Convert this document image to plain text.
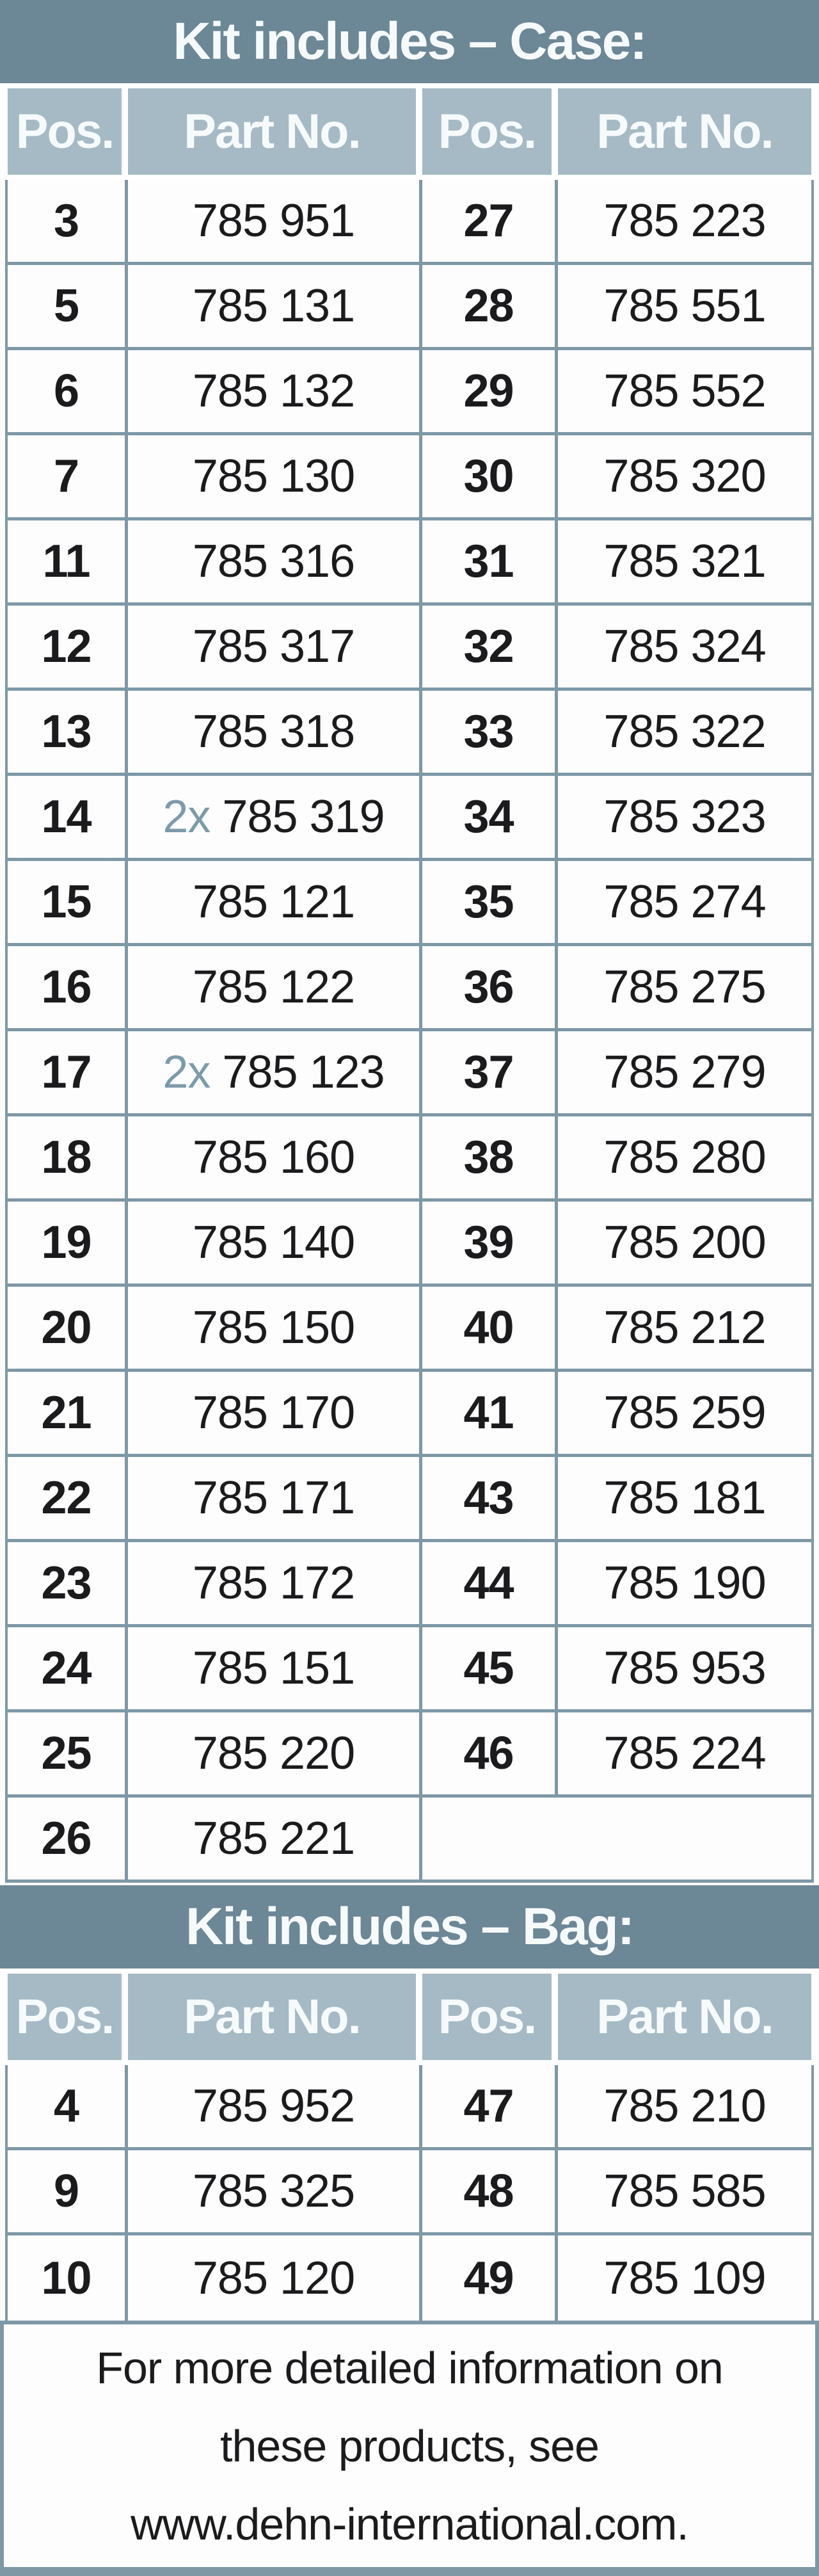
Kit includes – Case:
Pos.	Part No.	Pos.	Part No.
3	785 951	27	785 223
5	785 131	28	785 551
6	785 132	29	785 552
7	785 130	30	785 320
11	785 316	31	785 321
12	785 317	32	785 324
13	785 318	33	785 322
14	2x 785 319	34	785 323
15	785 121	35	785 274
16	785 122	36	785 275
17	2x 785 123	37	785 279
18	785 160	38	785 280
19	785 140	39	785 200
20	785 150	40	785 212
21	785 170	41	785 259
22	785 171	43	785 181
23	785 172	44	785 190
24	785 151	45	785 953
25	785 220	46	785 224
26	785 221
Kit includes – Bag:
Pos.	Part No.	Pos.	Part No.
4	785 952	47	785 210
9	785 325	48	785 585
10	785 120	49	785 109
For more detailed information on
these products, see
www.dehn-international.com.
